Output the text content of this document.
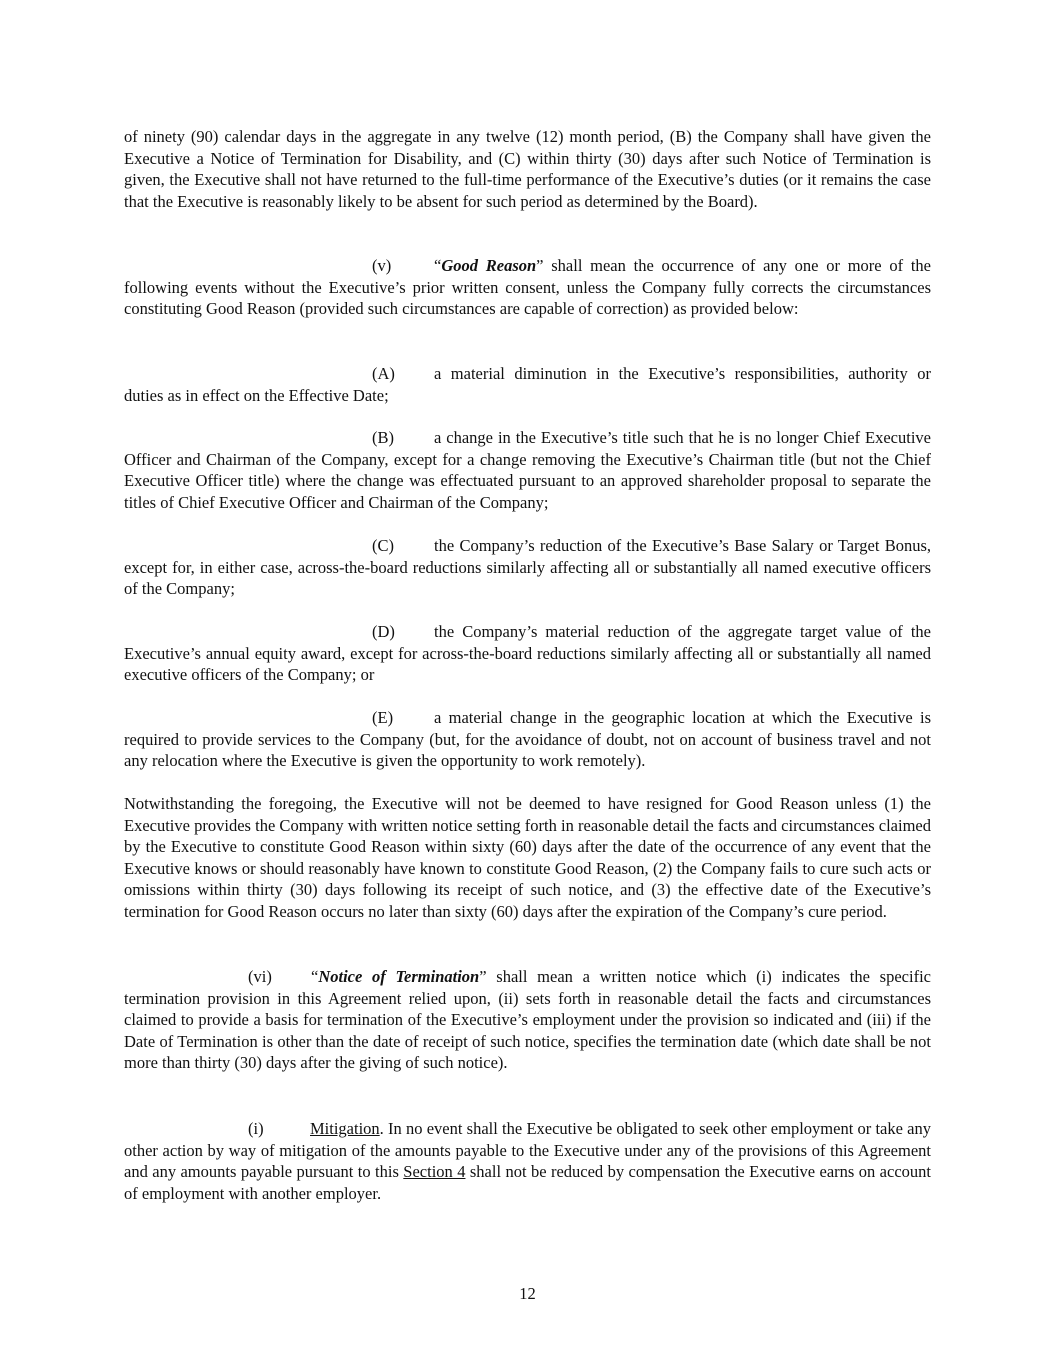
of ninety (90) calendar days in the aggregate in any twelve (12) month period, (B) the Company shall have given the Executive a Notice of Termination for Disability, and (C) within thirty (30) days after such Notice of Termination is given, the Executive shall not have returned to the full-time performance of the Executive’s duties (or it remains the case that the Executive is reasonably likely to be absent for such period as determined by the Board).

(v)	“Good Reason” shall mean the occurrence of any one or more of the following events without the Executive’s prior written consent, unless the Company fully corrects the circumstances constituting Good Reason (provided such circumstances are capable of correction) as provided below:

(A) a material diminution in the Executive’s responsibilities, authority or duties as in effect on the Effective Date;

(B) a change in the Executive’s title such that he is no longer Chief Executive Officer and Chairman of the Company, except for a change removing the Executive’s Chairman title (but not the Chief Executive Officer title) where the change was effectuated pursuant to an approved shareholder proposal to separate the titles of Chief Executive Officer and Chairman of the Company;

(C) the Company’s reduction of the Executive’s Base Salary or Target Bonus, except for, in either case, across-the-board reductions similarly affecting all or substantially all named executive officers of the Company;

(D) the Company’s material reduction of the aggregate target value of the Executive’s annual equity award, except for across-the-board reductions similarly affecting all or substantially all named executive officers of the Company; or

(E) a material change in the geographic location at which the Executive is required to provide services to the Company (but, for the avoidance of doubt, not on account of business travel and not any relocation where the Executive is given the opportunity to work remotely).

Notwithstanding the foregoing, the Executive will not be deemed to have resigned for Good Reason unless (1) the Executive provides the Company with written notice setting forth in reasonable detail the facts and circumstances claimed by the Executive to constitute Good Reason within sixty (60) days after the date of the occurrence of any event that the Executive knows or should reasonably have known to constitute Good Reason, (2) the Company fails to cure such acts or omissions within thirty (30) days following its receipt of such notice, and (3) the effective date of the Executive’s termination for Good Reason occurs no later than sixty (60) days after the expiration of the Company’s cure period.

(vi) “Notice of Termination” shall mean a written notice which (i) indicates the specific termination provision in this Agreement relied upon, (ii) sets forth in reasonable detail the facts and circumstances claimed to provide a basis for termination of the Executive’s employment under the provision so indicated and (iii) if the Date of Termination is other than the date of receipt of such notice, specifies the termination date (which date shall be not more than thirty (30) days after the giving of such notice).

(i)	Mitigation. In no event shall the Executive be obligated to seek other employment or take any other action by way of mitigation of the amounts payable to the Executive under any of the provisions of this Agreement and any amounts payable pursuant to this Section 4 shall not be reduced by compensation the Executive earns on account of employment with another employer.

12
